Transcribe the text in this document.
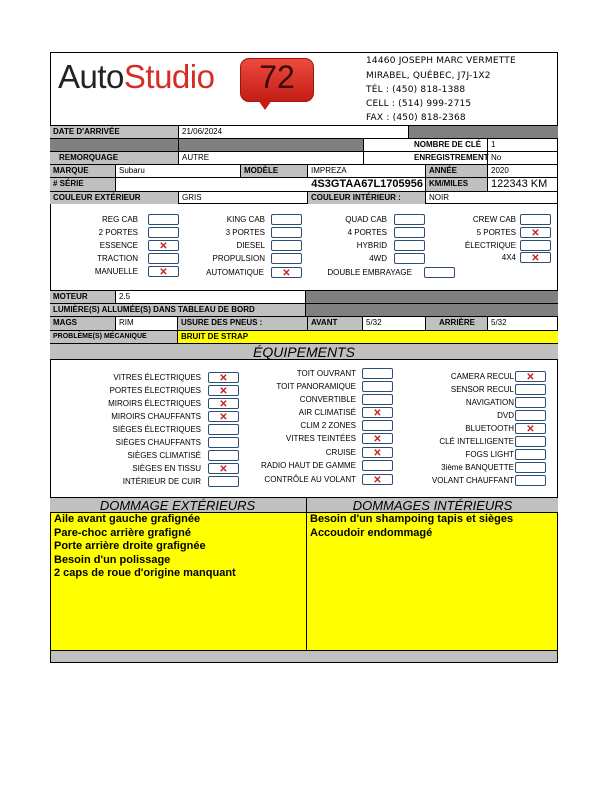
AutoStudio	72	14460 JOSEPH MARC VERMETTE
MIRABEL, QUÉBEC, J7J-1X2
TÉL : (450) 818-1388
CELL : (514) 999-2715
FAX : (450) 818-2368
DATE D'ARRIVÉE	21/06/2024
NOMBRE DE CLÉ	1
REMORQUAGE	AUTRE	ENREGISTREMENT No
MARQUE	Subaru	MODÈLE	IMPREZA	ANNÉE	2020
# SÉRIE	4S3GTAA67L1705956 KM/MILES	122343 KM
COULEUR EXTÉRIEUR	GRIS	COULEUR INTÉRIEUR :	NOIR
REG CAB	KING CAB	QUAD CAB	CREW CAB
2 PORTES	3 PORTES	4 PORTES	5 PORTES	✕
ESSENCE	✕	DIESEL	HYBRID	ÉLECTRIQUE
TRACTION	PROPULSION	4WD	4X4	✕
MANUELLE	✕	AUTOMATIQUE	✕	DOUBLE EMBRAYAGE
MOTEUR	2.5
LUMIÈRE(S) ALLUMÉE(S) DANS TABLEAU DE BORD
MAGS	RIM	USURE DES PNEUS :	AVANT	5/32	ARRIÈRE	5/32
PROBLÈME(S) MÉCANIQUE	BRUIT DE STRAP
ÉQUIPEMENTS
VITRES ÉLECTRIQUES	✕
PORTES ÉLECTRIQUES	✕
MIROIRS ÉLECTRIQUES	✕
MIROIRS CHAUFFANTS	✕
SIÈGES ÉLECTRIQUES
SIÈGES CHAUFFANTS
SIÈGES CLIMATISÉ
SIÈGES EN TISSU	✕
INTÉRIEUR DE CUIR
TOIT OUVRANT
TOIT PANORAMIQUE
CONVERTIBLE
AIR CLIMATISÉ	✕
CLIM 2 ZONES
VITRES TEINTÉES	✕
CRUISE	✕
RADIO HAUT DE GAMME
CONTRÔLE AU VOLANT	✕
CAMERA RECUL	✕
SENSOR RECUL
NAVIGATION
DVD
BLUETOOTH	✕
CLÉ INTELLIGENTE
FOGS LIGHT
3ième BANQUETTE
VOLANT CHAUFFANT
DOMMAGE EXTÉRIEURS	DOMMAGES INTÉRIEURS
Aile avant gauche grafignée
Pare-choc arrière grafigné
Porte arrière droite grafignée
Besoin d'un polissage
2 caps de roue d'origine manquant
Besoin d'un shampoing tapis et sièges
Accoudoir endommagé
